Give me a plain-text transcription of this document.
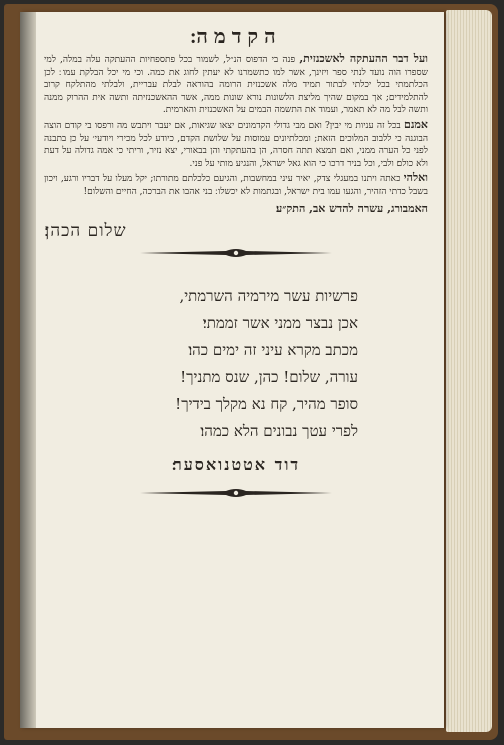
הקדמה׃

ועל דבר ההעתקה לאשכנזית, פנה בי הדפוס הנ״ל, לשמור בכל פתספחיות ההעתקה עלה במלה, למי שספרו הוה נועד לנתי ספר ויזינך, אשר למו כתשמרנו לא יעתין לחוג את כמה. וכי מי יכל הבלקת עמו ׃ לכן הכלתמתי בכל יכלתי לבתור תמיד מלה אשכנזית הרומה בהוראה לבלת עבריית, ולבלתי מהתלקח קרוב להתלמידים; אך במקום שהיך מליצת הלשונות נורא שונות ממה, אשר ההאשכנזיתה ותשה אית ההרוק ממנה ותשה לבל מה לא תאמר, ועמוד את התשמה הבמים על האשכנזית והארמית.

אמנם בכל זה עניות מי יבין? ואם מבי גדולי הקדמונים יצאו שגיאות, אם יעבר ויתבש מה ורפסו בי קודם הוצה הבוגנה כי ללבוב המלוכים הזאת; ומכלתיונים עמוסות על שלושת הקדם, כיודע לכל מכירי ויודעי׳ על כן בתבנה לפני כל הערה ממני, ואם תמצא תתה חסרה, הן בהעתקתי והן בבאורי, יצא נזיר, וריתי כי אמה גדולה על דעת ולא כולם׃ ולבי, וכל בניר דרכו כי הוא גאל ישראל, והנגיע מותי על פני.

ואלהי כאתה ויתנו במעגלי צדק, יאיר עיני במחשבות, והגיעם כלכלתם מתורתו; יקל מעלו על דבריו ורגע, ויכון בשבל כדתי הזהיר, והגעו עמו בית ישראל, ובגתמות לא יכשלו ׃ בני אהבו את הברכה, החיים והשלום!

האמבורג, עשרה להדש אב, התק״ע׃
שלום הכהן׃
פרשיות עשר מירמיה השרמתי,
אכן נבצר ממני אשר זממתי׃
מכתב מקרא עיני זה ימים כהו׃
עורה, שלום! כהן, שנס מתניך!
סופר מהיר, קח נא מקלך בידיך!
לפרי עטך נבונים הלא כמהו׃
דוד אטטנואסער׃
